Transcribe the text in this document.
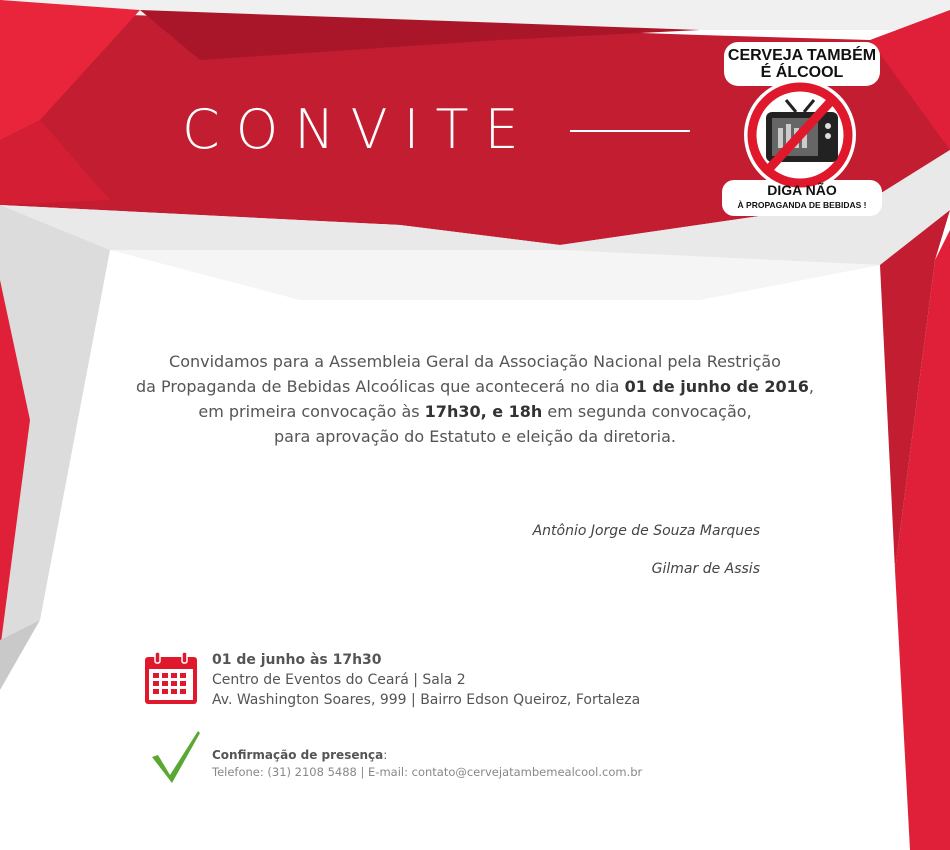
CONVITE
CERVEJA TAMBÉM
É ÁLCOOL
DIGA NÃO
À PROPAGANDA DE BEBIDAS !
Convidamos para a Assembleia Geral da Associação Nacional pela Restrição
da Propaganda de Bebidas Alcoólicas que acontecerá no dia 01 de junho de 2016,
em primeira convocação às 17h30, e 18h em segunda convocação,
para aprovação do Estatuto e eleição da diretoria.
Antônio Jorge de Souza Marques
Gilmar de Assis
01 de junho às 17h30
Centro de Eventos do Ceará | Sala 2
Av. Washington Soares, 999 | Bairro Edson Queiroz, Fortaleza
Confirmação de presença:
Telefone: (31) 2108 5488 | E-mail: contato@cervejatambemealcool.com.br
